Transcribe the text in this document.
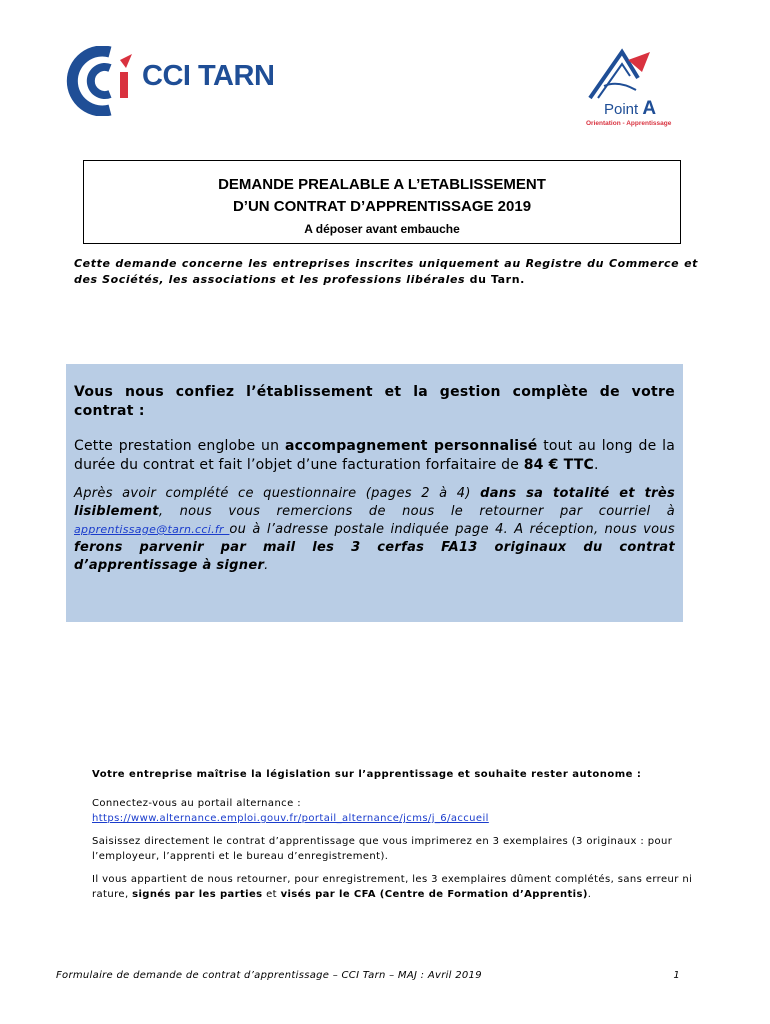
CCI TARN
Point A
Orientation - Apprentissage
DEMANDE PREALABLE A L’ETABLISSEMENT
D’UN CONTRAT D’APPRENTISSAGE 2019
A déposer avant embauche
Cette demande concerne les entreprises inscrites uniquement au Registre du Commerce et des Sociétés, les associations et les professions libérales du Tarn.
Vous nous confiez l’établissement et la gestion complète de votre contrat :
Cette prestation englobe un accompagnement personnalisé tout au long de la durée du contrat et fait l’objet d’une facturation forfaitaire de 84 € TTC.
Après avoir complété ce questionnaire (pages 2 à 4) dans sa totalité et très lisiblement, nous vous remercions de nous le retourner par courriel à apprentissage@tarn.cci.fr ou à l’adresse postale indiquée page 4. A réception, nous vous ferons parvenir par mail les 3 cerfas FA13 originaux du contrat d’apprentissage à signer.

Votre entreprise maîtrise la législation sur l’apprentissage et souhaite rester autonome :

Connectez-vous au portail alternance :

https://www.alternance.emploi.gouv.fr/portail_alternance/jcms/j_6/accueil

Saisissez directement le contrat d’apprentissage que vous imprimerez en 3 exemplaires (3 originaux : pour l’employeur, l’apprenti et le bureau d’enregistrement).

Il vous appartient de nous retourner, pour enregistrement, les 3 exemplaires dûment complétés, sans erreur ni rature, signés par les parties et visés par le CFA (Centre de Formation d’Apprentis).

Formulaire de demande de contrat d’apprentissage – CCI Tarn – MAJ : Avril 2019	1
